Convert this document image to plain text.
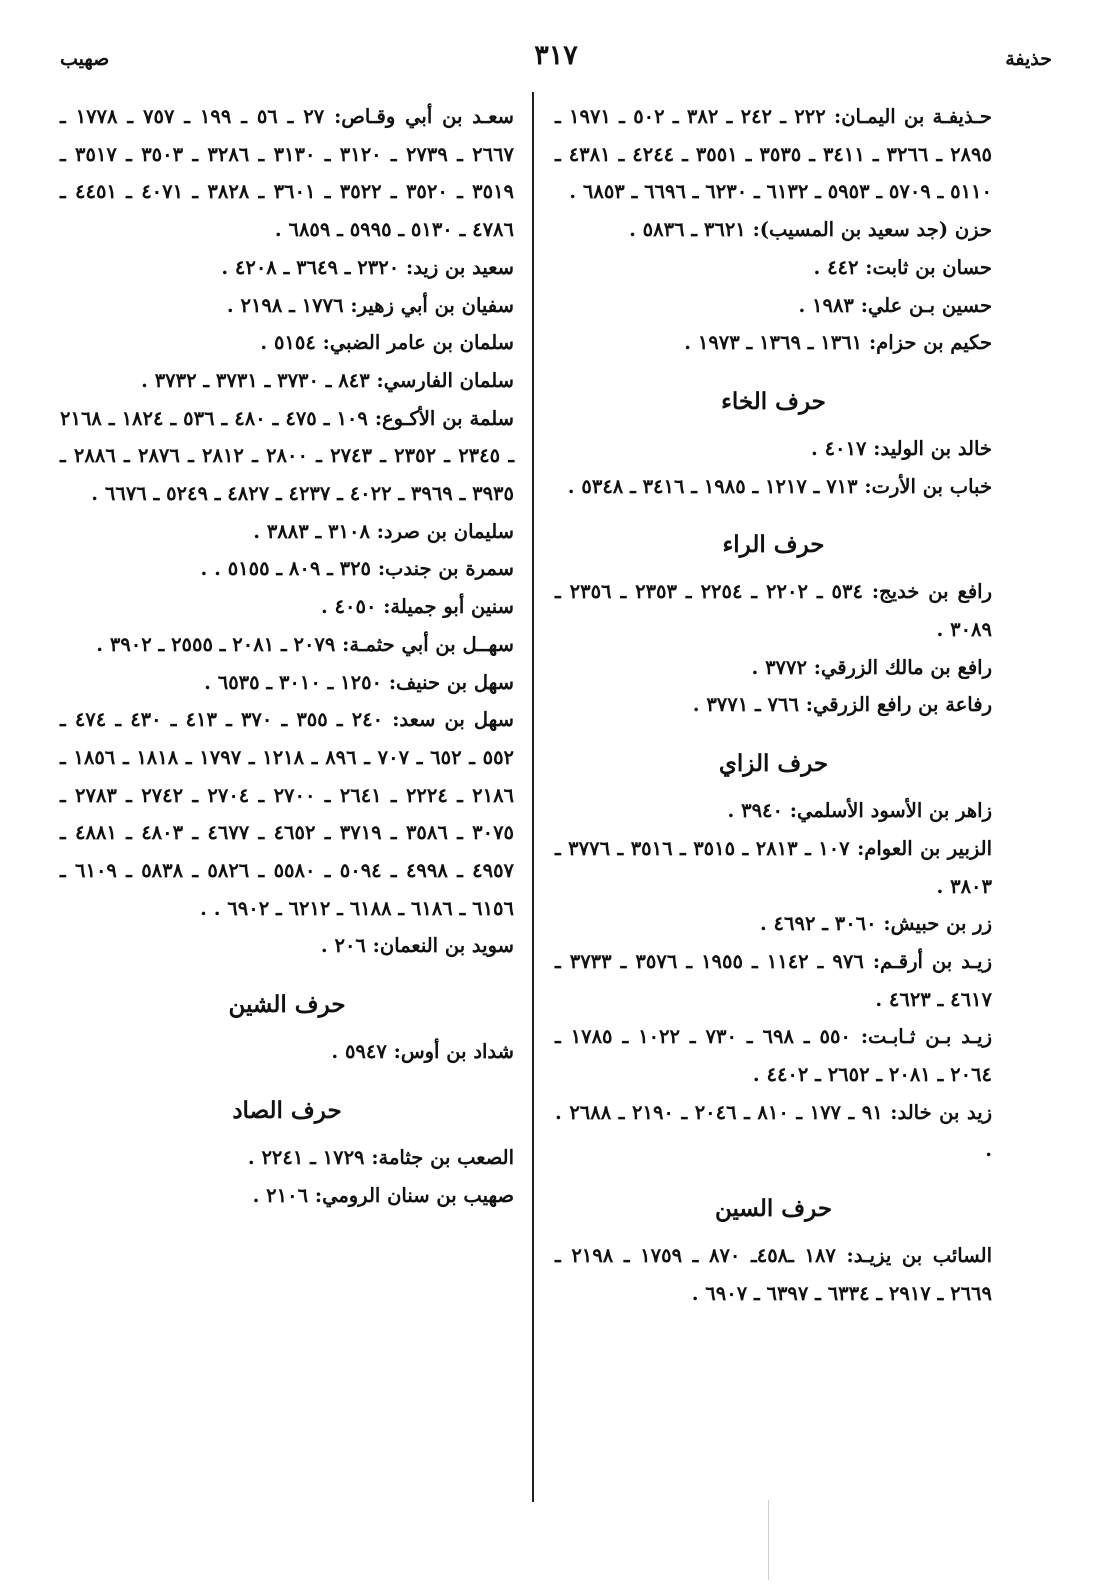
حذيفة
٣١٧
صهيب

حـذيفـة بن اليمـان: ٢٢٢ ـ ٢٤٢ ـ ٣٨٢ ـ ٥٠٢ ـ ١٩٧١ ـ ٢٨٩٥ ـ ٣٢٦٦ ـ ٣٤١١ ـ ٣٥٣٥ ـ ٣٥٥١ ـ ٤٢٤٤ ـ ٤٣٨١ ـ ٥١١٠ ـ ٥٧٠٩ ـ ٥٩٥٣ ـ ٦١٣٢ ـ ٦٢٣٠ ـ ٦٦٩٦ ـ ٦٨٥٣ .

حزن (جد سعيد بن المسيب): ٣٦٢١ ـ ٥٨٣٦ .

حسان بن ثابت: ٤٤٢ .

حسين بـن علي: ١٩٨٣ .

حكيم بن حزام: ١٣٦١ ـ ١٣٦٩ ـ ١٩٧٣ .

حرف الخاء

خالد بن الوليد: ٤٠١٧ .

خباب بن الأرت: ٧١٣ ـ ١٢١٧ ـ ١٩٨٥ ـ ٣٤١٦ ـ ٥٣٤٨ .

حرف الراء

رافع بن خديج: ٥٣٤ ـ ٢٢٠٢ ـ ٢٢٥٤ ـ ٢٣٥٣ ـ ٢٣٥٦ ـ ٣٠٨٩ .

رافع بن مالك الزرقي: ٣٧٧٢ .

رفاعة بن رافع الزرقي: ٧٦٦ ـ ٣٧٧١ .

حرف الزاي

زاهر بن الأسود الأسلمي: ٣٩٤٠ .

الزبير بن العوام: ١٠٧ ـ ٢٨١٣ ـ ٣٥١٥ ـ ٣٥١٦ ـ ٣٧٧٦ ـ ٣٨٠٣ .

زر بن حبيش: ٣٠٦٠ ـ ٤٦٩٢ .

زيـد بن أرقـم: ٩٧٦ ـ ١١٤٢ ـ ١٩٥٥ ـ ٣٥٧٦ ـ ٣٧٣٣ ـ ٤٦١٧ ـ ٤٦٢٣ .

زيـد بـن ثـابـت: ٥٥٠ ـ ٦٩٨ ـ ٧٣٠ ـ ١٠٢٢ ـ ١٧٨٥ ـ ٢٠٦٤ ـ ٢٠٨١ ـ ٢٦٥٢ ـ ٤٤٠٢ .

زيد بن خالد: ٩١ ـ ١٧٧ ـ ٨١٠ ـ ٢٠٤٦ ـ ٢١٩٠ ـ ٢٦٨٨ . .

حرف السين

السائب بن يزيـد: ١٨٧ ـ٤٥٨ـ ٨٧٠ ـ ١٧٥٩ ـ ٢١٩٨ ـ ٢٦٦٩ ـ ٢٩١٧ ـ ٦٣٣٤ ـ ٦٣٩٧ ـ ٦٩٠٧ .

سعـد بن أبي وقـاص: ٢٧ ـ ٥٦ ـ ١٩٩ ـ ٧٥٧ ـ ١٧٧٨ ـ ٢٦٦٧ ـ ٢٧٣٩ ـ ٣١٢٠ ـ ٣١٣٠ ـ ٣٢٨٦ ـ ٣٥٠٣ ـ ٣٥١٧ ـ ٣٥١٩ ـ ٣٥٢٠ ـ ٣٥٢٢ ـ ٣٦٠١ ـ ٣٨٢٨ ـ ٤٠٧١ ـ ٤٤٥١ ـ ٤٧٨٦ ـ ٥١٣٠ ـ ٥٩٩٥ ـ ٦٨٥٩ .

سعيد بن زيد: ٢٣٢٠ ـ ٣٦٤٩ ـ ٤٢٠٨ .

سفيان بن أبي زهير: ١٧٧٦ ـ ٢١٩٨ .

سلمان بن عامر الضبي: ٥١٥٤ .

سلمان الفارسي: ٨٤٣ ـ ٣٧٣٠ ـ ٣٧٣١ ـ ٣٧٣٢ .

سلمة بن الأكـوع: ١٠٩ ـ ٤٧٥ ـ ٤٨٠ ـ ٥٣٦ ـ ١٨٢٤ ـ ٢١٦٨ ـ ٢٣٤٥ ـ ٢٣٥٢ ـ ٢٧٤٣ ـ ٢٨٠٠ ـ ٢٨١٢ ـ ٢٨٧٦ ـ ٢٨٨٦ ـ ٣٩٣٥ ـ ٣٩٦٩ ـ ٤٠٢٢ ـ ٤٢٣٧ ـ ٤٨٢٧ ـ ٥٢٤٩ ـ ٦٦٧٦ .

سليمان بن صرد: ٣١٠٨ ـ ٣٨٨٣ .

سمرة بن جندب: ٣٢٥ ـ ٨٠٩ ـ ٥١٥٥ . .

سنين أبو جميلة: ٤٠٥٠ .

سهــل بن أبي حثمـة: ٢٠٧٩ ـ ٢٠٨١ ـ ٢٥٥٥ ـ ٣٩٠٢ .

سهل بن حنيف: ١٢٥٠ ـ ٣٠١٠ ـ ٦٥٣٥ .

سهل بن سعد: ٢٤٠ ـ ٣٥٥ ـ ٣٧٠ ـ ٤١٣ ـ ٤٣٠ ـ ٤٧٤ ـ ٥٥٢ ـ ٦٥٢ ـ ٧٠٧ ـ ٨٩٦ ـ ١٢١٨ ـ ١٧٩٧ ـ ١٨١٨ ـ ١٨٥٦ ـ ٢١٨٦ ـ ٢٢٢٤ ـ ٢٦٤١ ـ ٢٧٠٠ ـ ٢٧٠٤ ـ ٢٧٤٢ ـ ٢٧٨٣ ـ ٣٠٧٥ ـ ٣٥٨٦ ـ ٣٧١٩ ـ ٤٦٥٢ ـ ٤٦٧٧ ـ ٤٨٠٣ ـ ٤٨٨١ ـ ٤٩٥٧ ـ ٤٩٩٨ ـ ٥٠٩٤ ـ ٥٥٨٠ ـ ٥٨٢٦ ـ ٥٨٣٨ ـ ٦١٠٩ ـ ٦١٥٦ ـ ٦١٨٦ ـ ٦١٨٨ ـ ٦٢١٢ ـ ٦٩٠٢ . .

سويد بن النعمان: ٢٠٦ .

حرف الشين

شداد بن أوس: ٥٩٤٧ .

حرف الصاد

الصعب بن جثامة: ١٧٢٩ ـ ٢٢٤١ .

صهيب بن سنان الرومي: ٢١٠٦ .
